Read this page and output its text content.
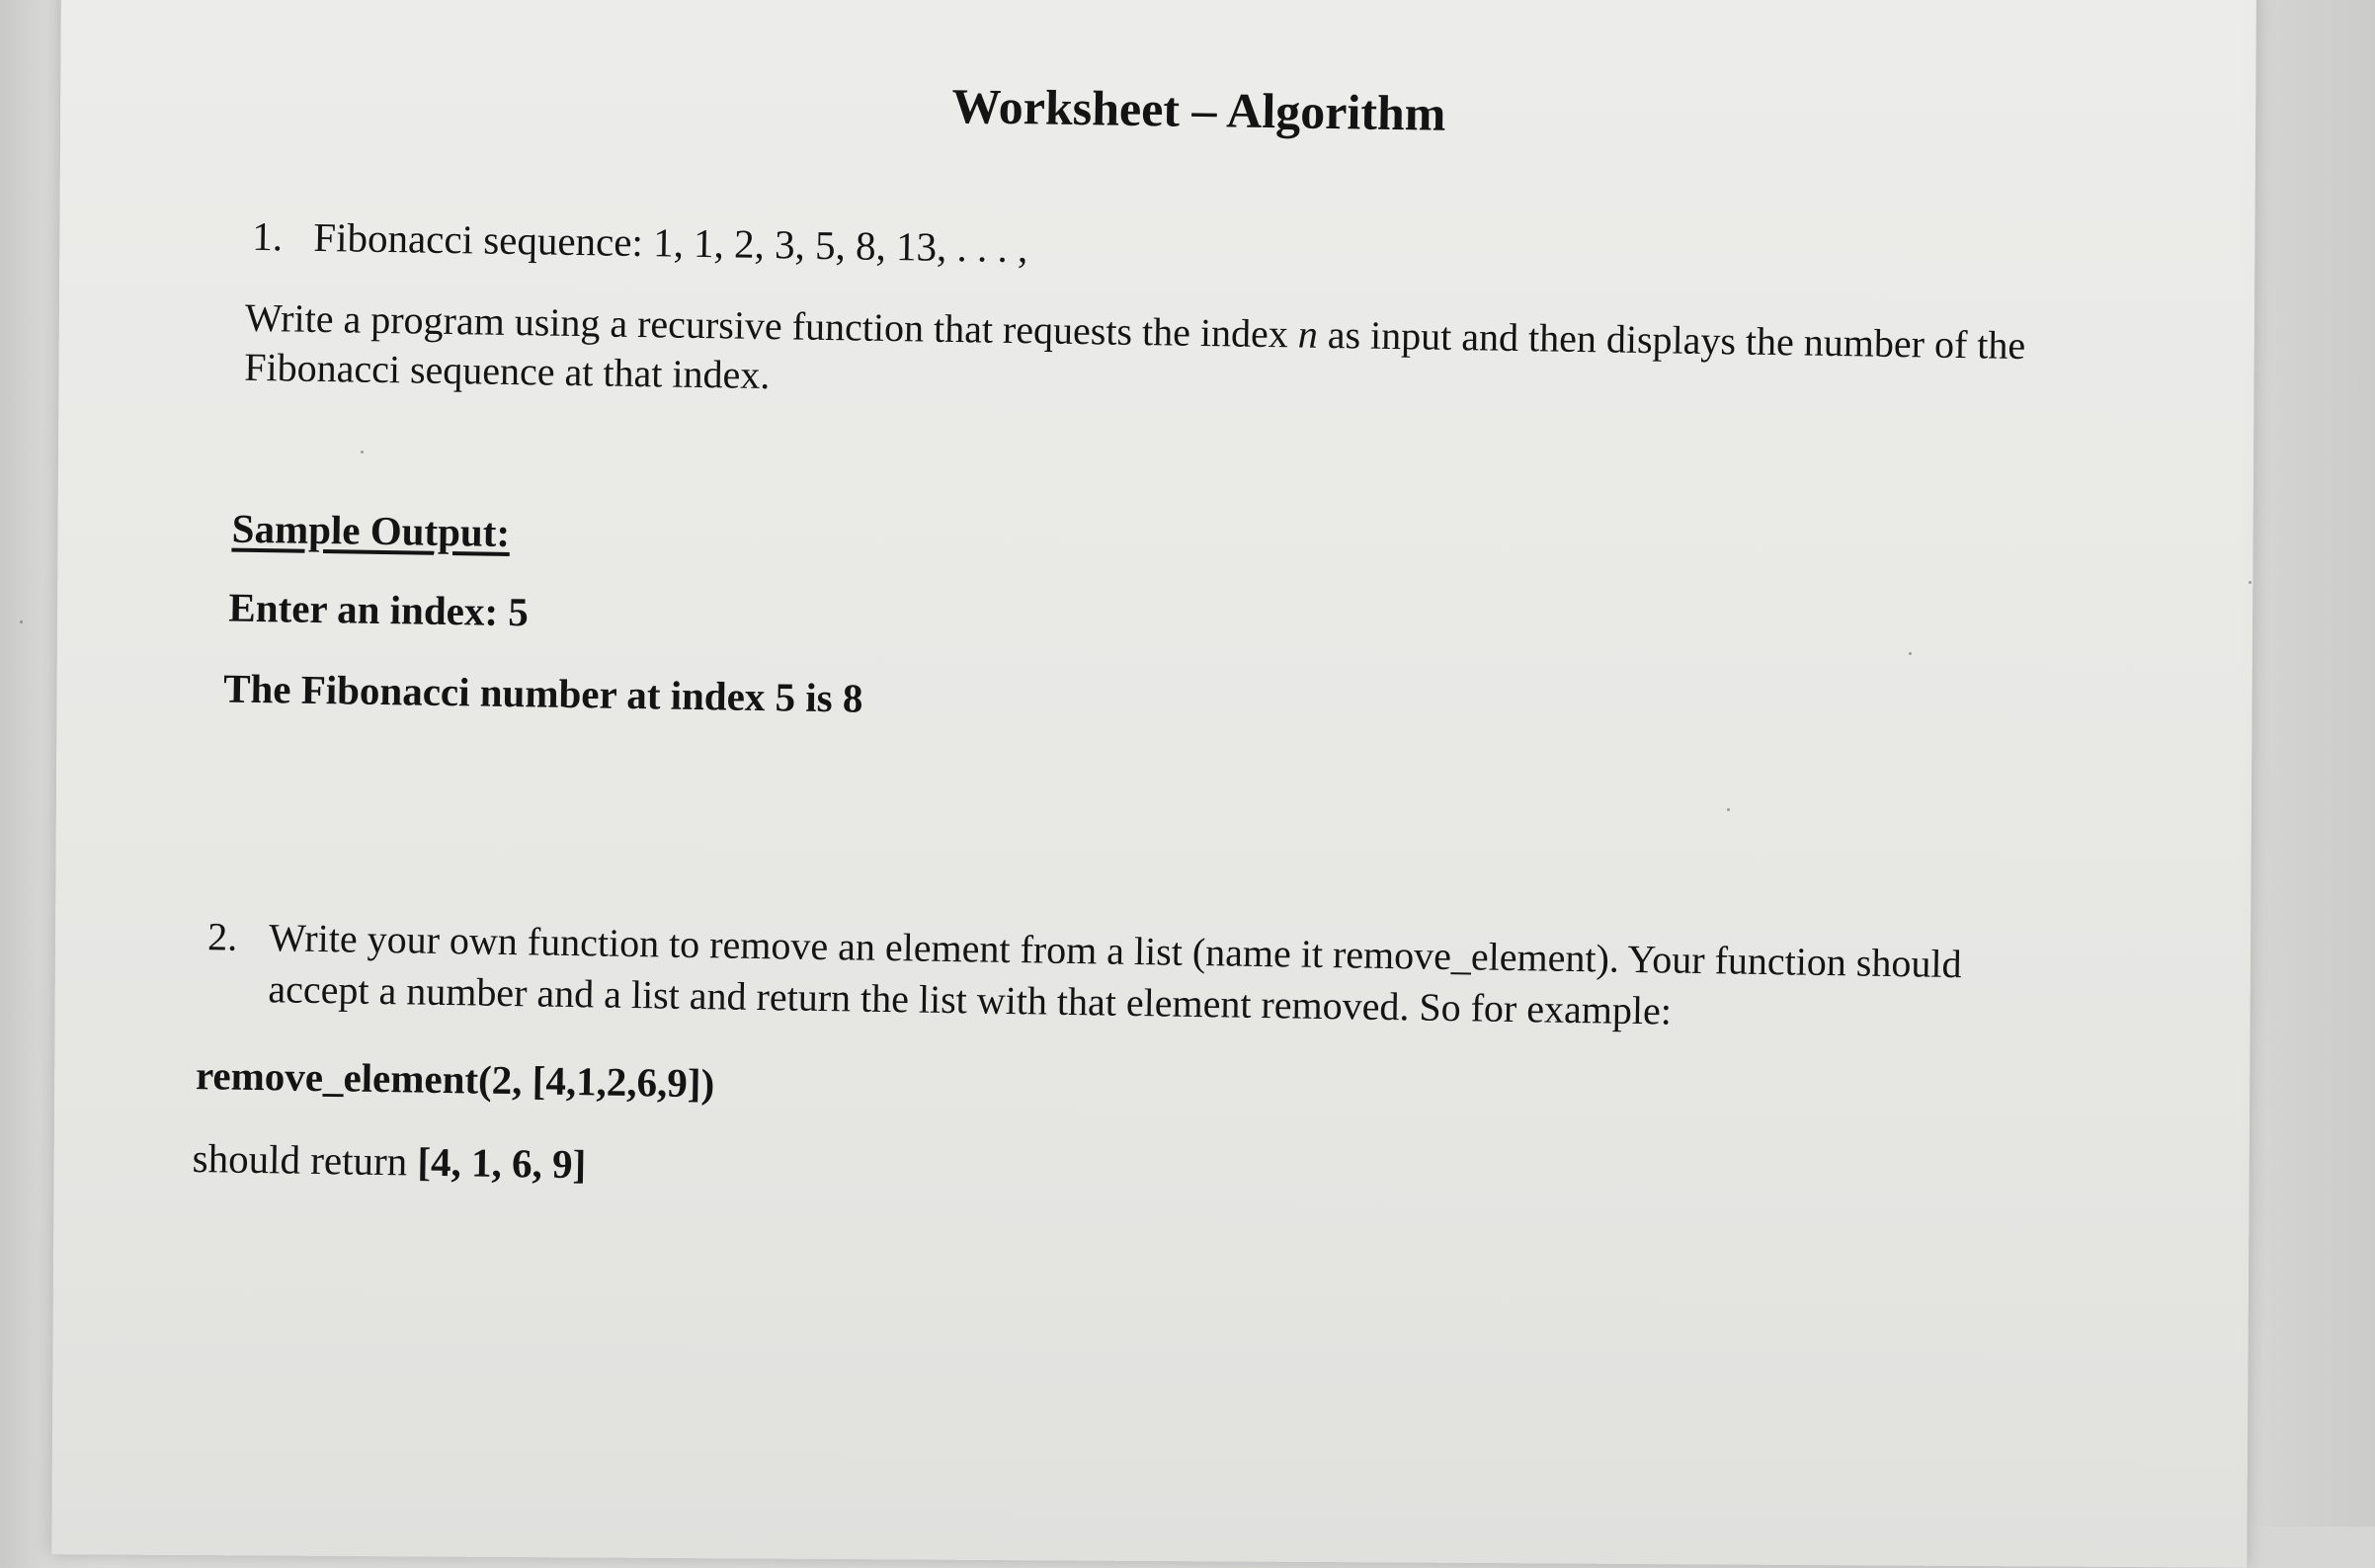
Worksheet – Algorithm
1. Fibonacci sequence: 1, 1, 2, 3, 5, 8, 13, . . . ,
Write a program using a recursive function that requests the index n as input and then displays the number of the Fibonacci sequence at that index.
Sample Output:
Enter an index: 5
The Fibonacci number at index 5 is 8
2. Write your own function to remove an element from a list (name it remove_element). Your function should
accept a number and a list and return the list with that element removed. So for example:
remove_element(2, [4,1,2,6,9])
should return [4, 1, 6, 9]
